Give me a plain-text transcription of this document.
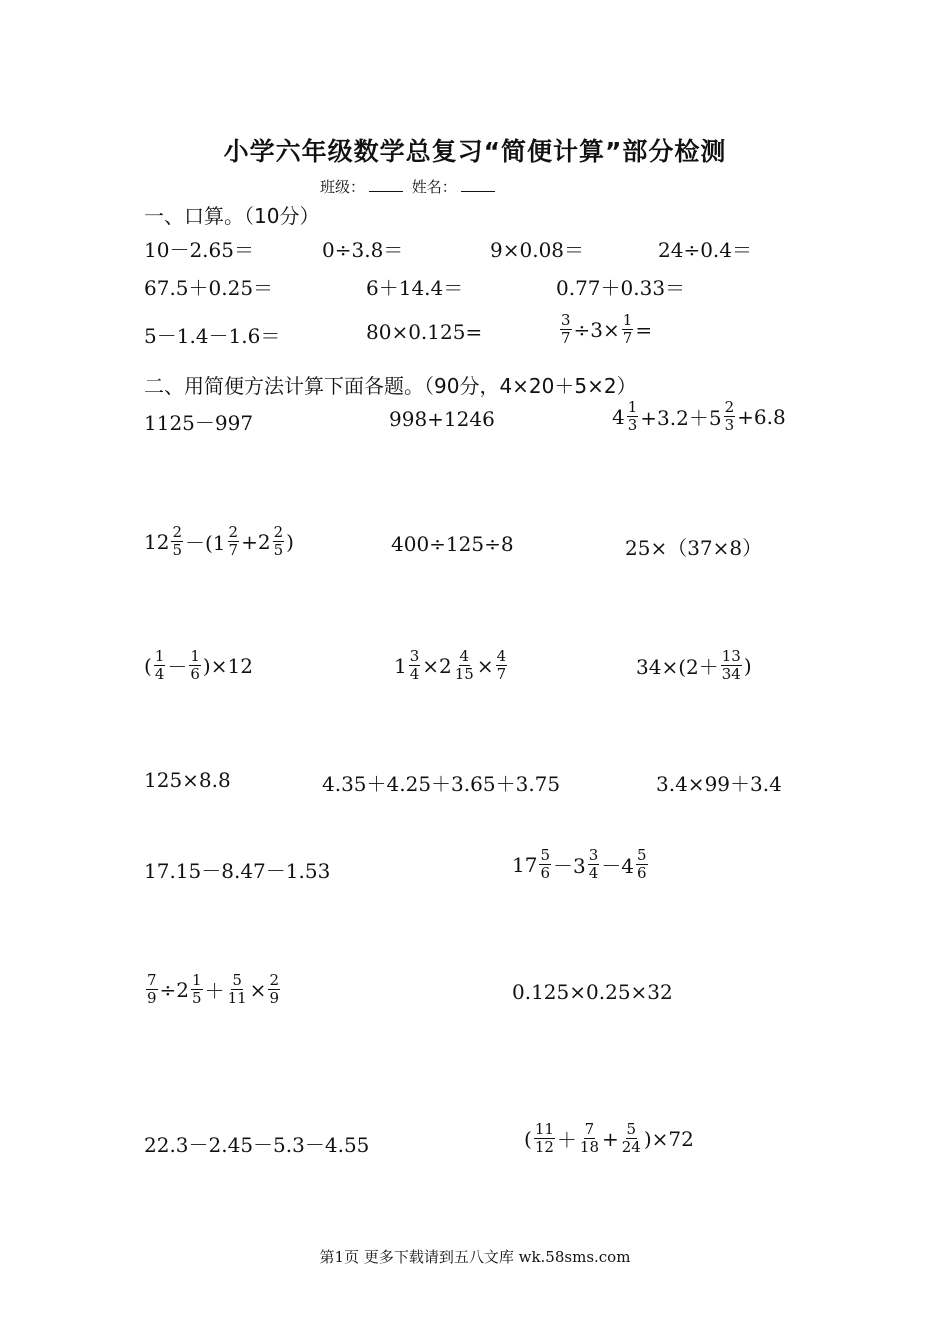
小学六年级数学总复习“简便计算”部分检测
班级：	姓名：
一、口算。（10分）
10－2.65＝	0÷3.8＝	9×0.08＝	24÷0.4＝
67.5＋0.25＝	6＋14.4＝	0.77＋0.33＝
5－1.4－1.6＝	80×0.125=	$\frac{3}{7} \div 3\times \frac{1}{7}$ =
二、用简便方法计算下面各题。（90分，4×20＋5×2）
1125－997	998+1246	$4 \frac{1}{3} +3.2+5 \frac{2}{3} +6.8$
$12 \frac{2}{5} -(1 \frac{2}{7} +2 \frac{2}{5}$ )	400÷125÷8	25×（37×8）
( $\frac{1}{4} - \frac{1}{6} )\times 12$	$1 \frac{3}{4} \times 2 \frac{4}{15} \times \frac{4}{7}$	$34\times(2+ \frac{13}{34}$ )
125×8.8	4.35＋4.25＋3.65＋3.75	3.4×99＋3.4
17.15－8.47－1.53	$17 \frac{5}{6} -3 \frac{3}{4} -4 \frac{5}{6}$
$\frac{7}{9} \div 2 \frac{1}{5} + \frac{5}{11} \times \frac{2}{9}$	0.125×0.25×32
22.3－2.45－5.3－4.55	( $\frac{11}{12} + \frac{7}{18} + \frac{5}{24} )\times 72$
第1页 更多下载请到五八文库 wk.58sms.com
